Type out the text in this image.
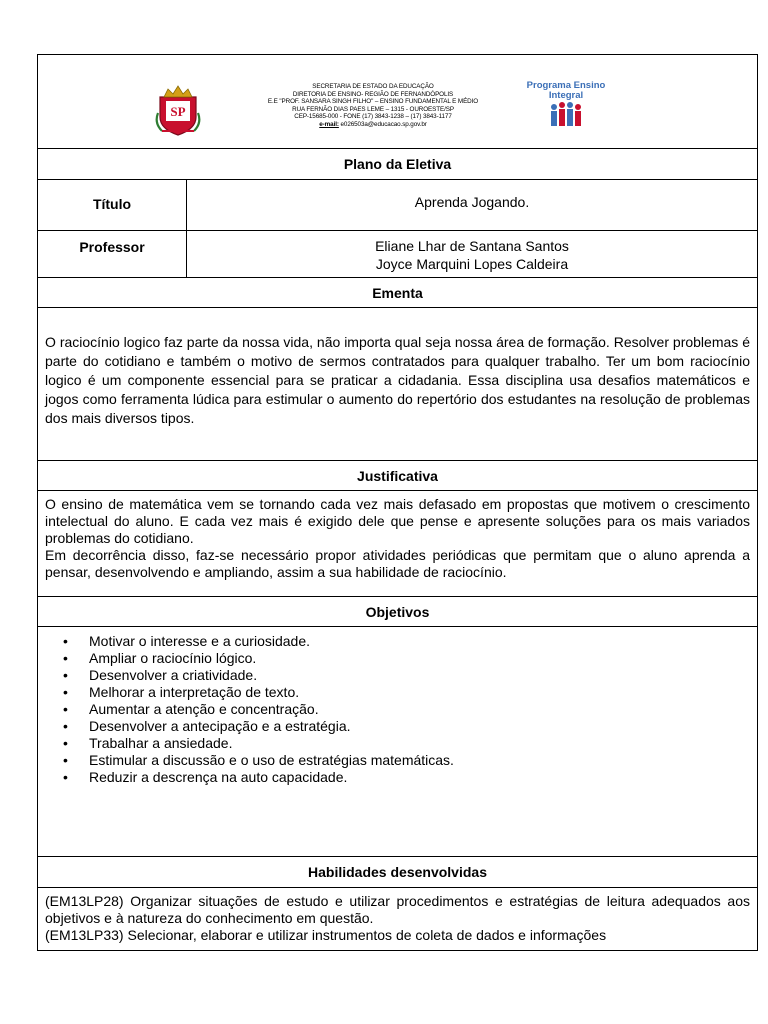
SP
SECRETARIA DE ESTADO DA EDUCAÇÃO
DIRETORIA DE ENSINO- REGIÃO DE FERNANDÓPOLIS
E.E "PROF. SANSARA SINGH FILHO" – ENSINO FUNDAMENTAL E MÉDIO
RUA FERNÃO DIAS PAES LEME – 1315 - OUROESTE/SP
CEP-15685-000 - FONE (17) 3843-1238 – (17) 3843-1177
e-mail: e026503a@educacao.sp.gov.br
Programa Ensino
Integral
Plano da Eletiva
Título	Aprenda Jogando.
Professor	Eliane Lhar de Santana Santos
Joyce Marquini Lopes Caldeira
Ementa

O raciocínio logico faz parte da nossa vida, não importa qual seja nossa área de formação. Resolver problemas é parte do cotidiano e também o motivo de sermos contratados para qualquer trabalho. Ter um bom raciocínio logico é um componente essencial para se praticar a cidadania. Essa disciplina usa desafios matemáticos e jogos como ferramenta lúdica para estimular o aumento do repertório dos estudantes na resolução de problemas dos mais diversos tipos.

Justificativa

O ensino de matemática vem se tornando cada vez mais defasado em propostas que motivem o crescimento intelectual do aluno. E cada vez mais é exigido dele que pense e apresente soluções para os mais variados problemas do cotidiano.

Em decorrência disso, faz-se necessário propor atividades periódicas que permitam que o aluno aprenda a pensar, desenvolvendo e ampliando, assim a sua habilidade de raciocínio.

Objetivos
• Motivar o interesse e a curiosidade.
• Ampliar o raciocínio lógico.
• Desenvolver a criatividade.
• Melhorar a interpretação de texto.
• Aumentar a atenção e concentração.
• Desenvolver a antecipação e a estratégia.
• Trabalhar a ansiedade.
• Estimular a discussão e o uso de estratégias matemáticas.
• Reduzir a descrença na auto capacidade.
Habilidades desenvolvidas

(EM13LP28) Organizar situações de estudo e utilizar procedimentos e estratégias de leitura adequados aos objetivos e à natureza do conhecimento em questão.

(EM13LP33) Selecionar, elaborar e utilizar instrumentos de coleta de dados e informações
